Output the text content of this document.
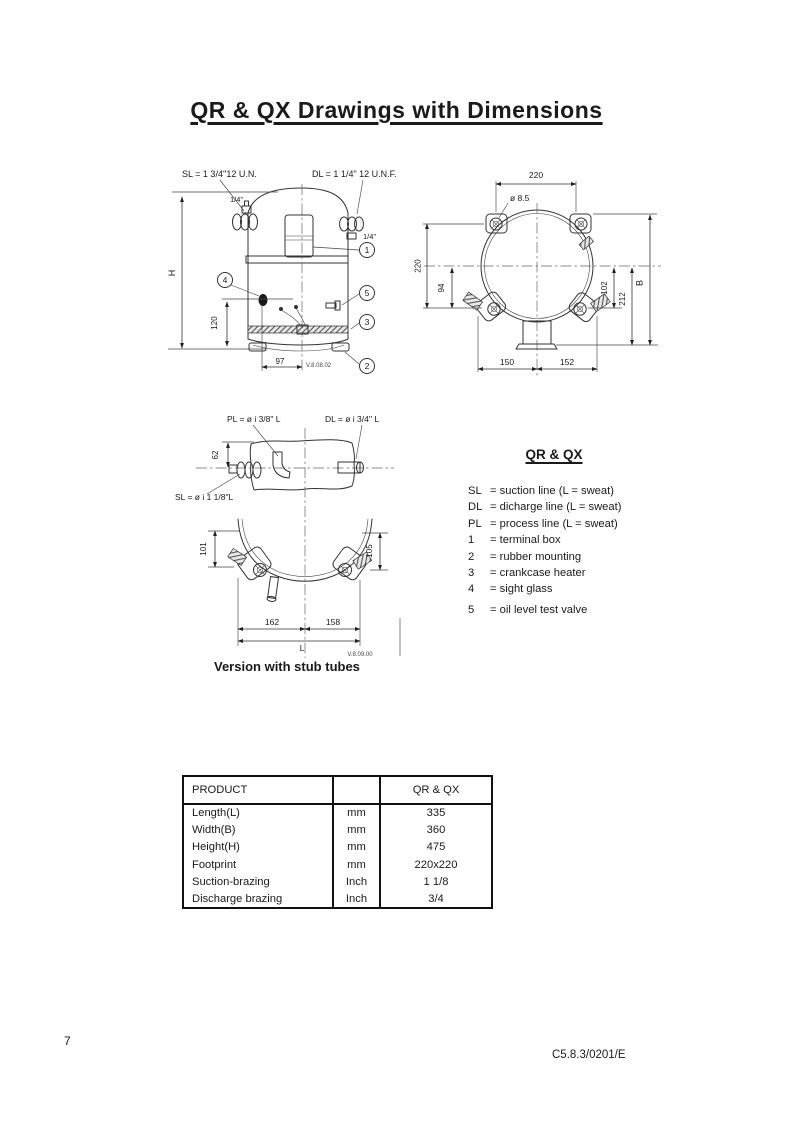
QR & QX Drawings with Dimensions
H
120
97	V.8.08.02
SL = 1 3/4''12 U.N.	DL = 1 1/4" 12 U.N.F.
1/4''
1/4''
1
4
5
3
2
220
ø 8.5
220
94	102
212
B
150	152
PL = ø i 3/8" L	DL = ø i 3/4'' L
SL = ø i 1 1/8"L
62
101	105
162	158
L
V.8.09.00
Version with stub tubes
QR & QX
SL = suction line (L = sweat)
DL = dicharge line (L = sweat)
PL = process line (L = sweat)
1	= terminal box
2	= rubber mounting
3	= crankcase heater
4	= sight glass
5	= oil level test valve
PRODUCT		QR & QX
Length(L)	mm	335
Width(B)	mm	360
Height(H)	mm	475
Footprint	mm	220x220
Suction-brazing	Inch	1 1/8
Discharge brazing	Inch	3/4
7
C5.8.3/0201/E
